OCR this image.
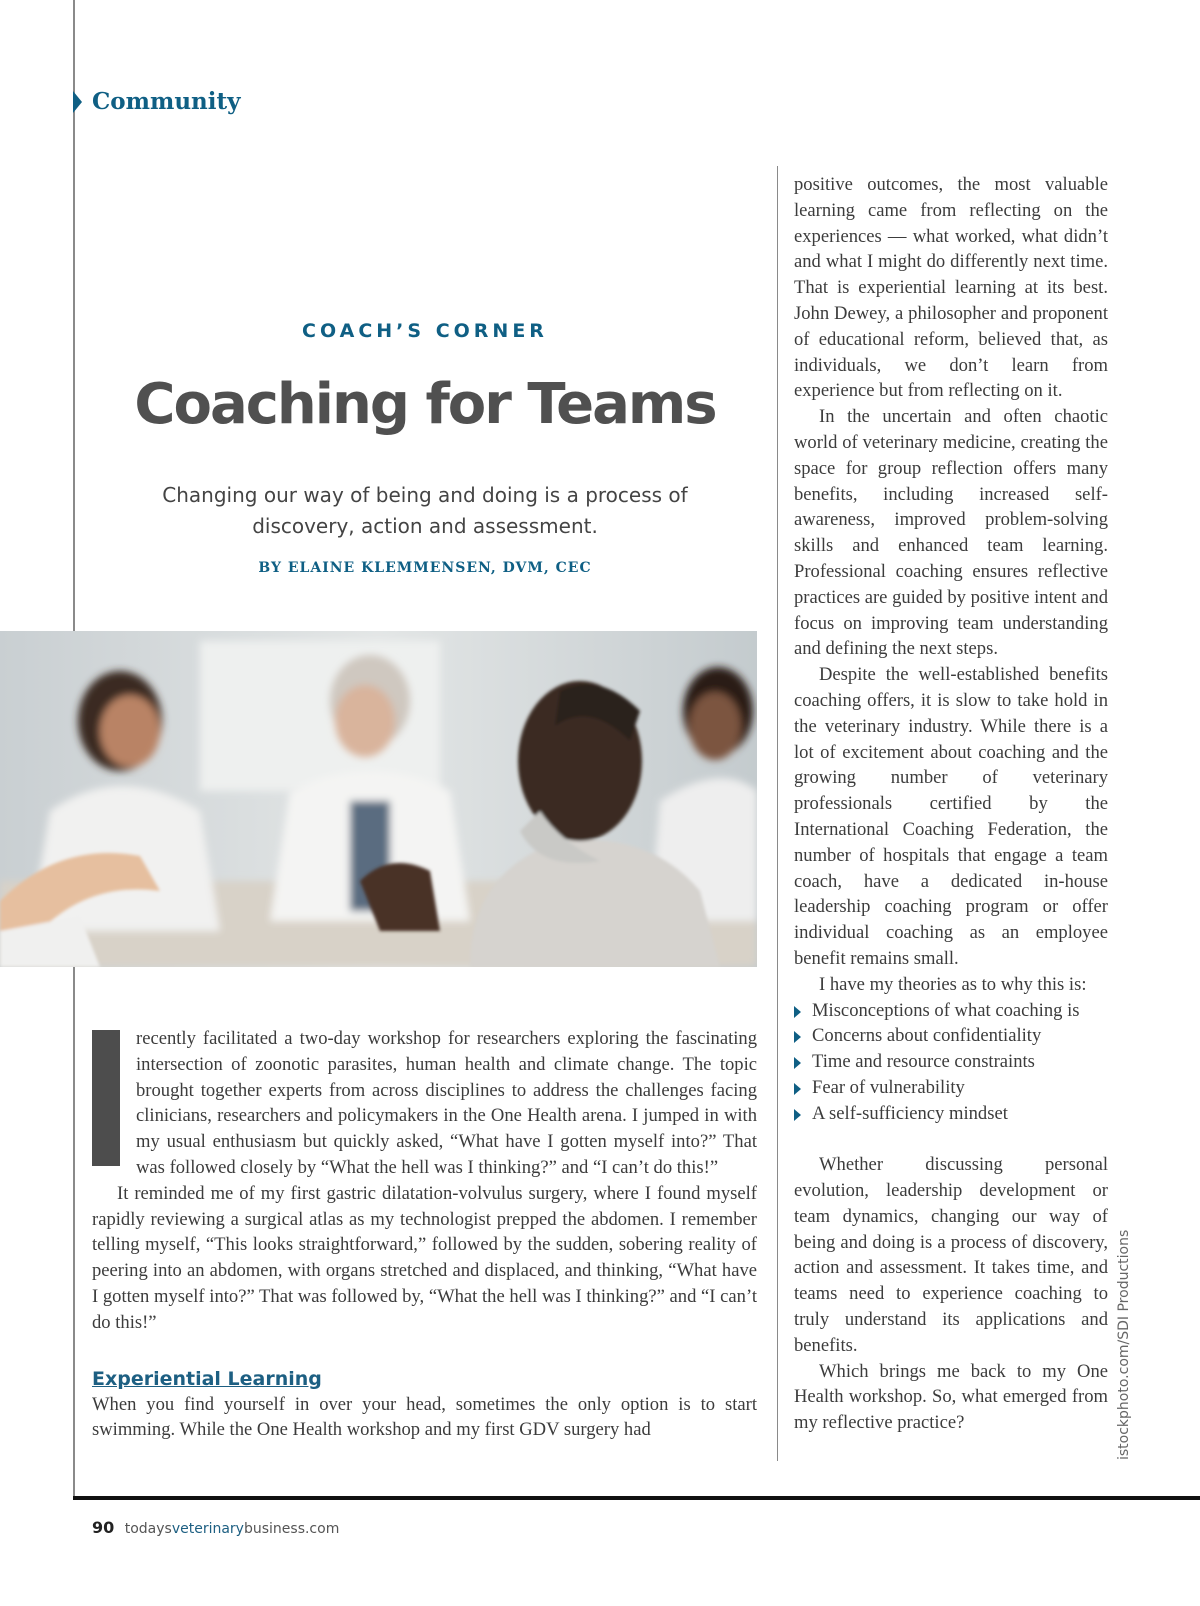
Community
COACH’S CORNER
Coaching for Teams
Changing our way of being and doing is a process of discovery, action and assessment.
BY ELAINE KLEMMENSEN, DVM, CEC

recently facilitated a two-day workshop for researchers exploring the fascinating intersection of zoonotic parasites, human health and climate change. The topic brought together experts from across disciplines to address the challenges facing clinicians, researchers and policymakers in the One Health arena. I jumped in with my usual enthusiasm but quickly asked, “What have I gotten myself into?” That was followed closely by “What the hell was I thinking?” and “I can’t do this!”

It reminded me of my first gastric dilatation-volvulus surgery, where I found myself rapidly reviewing a surgical atlas as my technologist prepped the abdomen. I remember telling myself, “This looks straightforward,” followed by the sudden, sobering reality of peering into an abdomen, with organs stretched and displaced, and thinking, “What have I gotten myself into?” That was followed by, “What the hell was I thinking?” and “I can’t do this!”

Experiential Learning

When you find yourself in over your head, sometimes the only option is to start swimming. While the One Health workshop and my first GDV surgery had

positive outcomes, the most valuable learning came from reflecting on the experiences — what worked, what didn’t and what I might do differently next time. That is experiential learning at its best. John Dewey, a philosopher and proponent of educational reform, believed that, as individuals, we don’t learn from experience but from reflecting on it.

In the uncertain and often chaotic world of veterinary medicine, creating the space for group reflection offers many benefits, including increased self-awareness, improved problem-solving skills and enhanced team learning. Professional coaching ensures reflective practices are guided by positive intent and focus on improving team understanding and defining the next steps.

Despite the well-established benefits coaching offers, it is slow to take hold in the veterinary industry. While there is a lot of excitement about coaching and the growing number of veterinary professionals certified by the International Coaching Federation, the number of hospitals that engage a team coach, have a dedicated in-house leadership coaching program or offer individual coaching as an employee benefit remains small.

I have my theories as to why this is:

Misconceptions of what coaching is
Concerns about confidentiality
Time and resource constraints
Fear of vulnerability
A self-sufficiency mindset

Whether discussing personal evolution, leadership development or team dynamics, changing our way of being and doing is a process of discovery, action and assessment. It takes time, and teams need to experience coaching to truly understand its applications and benefits.

Which brings me back to my One Health workshop. So, what emerged from my reflective practice?	istockphoto.com/SDI Productions
90 todaysveterinarybusiness.com
